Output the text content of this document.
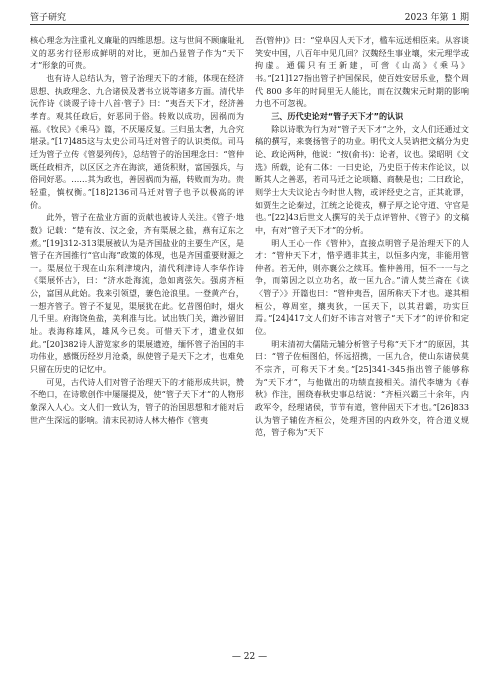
管子研究	2023 年第 1 期

核心理念为注重礼义廉耻的四维思想。这与世间不顾廉耻礼义的恶劣行径形成鲜明的对比，更加凸显管子作为“天下才”形象的可贵。

也有诗人总结认为，管子治理天下的才能，体现在经济思想、执政理念、九合诸侯及著书立说等诸多方面。清代毕沅作诗《谈谡子诗十八首·管子》曰：“夷吾天下才，经济善孝育。观其任政后，好恶同于俗。转败以成功，因祸而为福。《牧民》《乘马》篇，不厌屡反复。三归虽太奢，九合究堪录。”[17]485这与太史公司马迁对管子的认识类似。司马迁为管子立传《管晏列传》，总结管子的治国理念曰：“管仲既任政相齐，以区区之齐在海滨，通货积财，富国强兵，与俗同好恶。……其为政也，善因祸而为福，转败而为功。贵轻重，慎权衡。”[18]2136司马迁对管子也予以极高的评价。

此外，管子在盐业方面的贡献也被诗人关注。《管子·地数》记载：“楚有汝、汉之金，齐有渠展之盐，燕有辽东之煮。”[19]312-313渠展被认为是齐国盐业的主要生产区，是管子在齐国推行“官山海”政策的体现，也是齐国重要财源之一。渠展位于现在山东利津境内，清代利津诗人李华作诗《渠展怀古》，曰：“济水赴海流，急如离弦矢。强虏齐桓公，富国从此始。我来引领望，萋色沧浪里。一登黄产台，一想齐管子。管子不复见，渠展犹在此。忆昔图伯时，烟火几千里。府海饶鱼盐，美利准与比。试出铁门关，潍沙留旧址。表海称雄风，雄风今已矣。可惜天下才，遗业仅如此。”[20]382诗人游览家乡的渠展遗迹，缅怀管子治国的丰功伟业，感慨历经岁月沧桑，纵使管子是天下之才，也难免只留在历史的记忆中。

可见，古代诗人们对管子治理天下的才能形成共识，赞不绝口，在诗歌创作中屡屡提及，使“管子天下才”的人物形象深入人心。文人们一致认为，管子的治国思想和才能对后世产生深远的影响。清末民初诗人林大椿作《管夷

吾(管仲)》曰：“堂阜囚人天下才，槛车远送相臣来。从容谈笑安中国，八百年中见几回？汉魏经生事业壤，宋元理学或拘虚。通儒只有王新建，可啻《山高》《乘马》书。”[21]127指出管子护国保民，使百姓安居乐业，整个周代 800 多年的时间里无人能比，而在汉魏宋元时期的影响力也不可忽视。

三、历代史论对“管子天下才”的认识

除以诗歌为行为对“管子天下才”之外，文人们还通过文稿的撰写，来褒扬管子的功业。明代文人吴讷把文稿分为史论、政论两种，他说：“按(俞书)：论者，议也。梁昭明《文选》所载，论有二体：一曰史论，乃史臣于传末作论议，以断其人之善恶，若司马迁之论项籍、商鞅是也；二曰政论，则学士大夫议论古今时世人物，或评经史之言，正其讹谬，如贾生之论秦过，江统之论徙戎，柳子厚之论守道、守官是也。”[22]43后世文人撰写的关于点评管仲、《管子》的文稿中，有对“管子天下才”的分析。

明人王心一作《管仲》，直接点明管子是治理天下的人才：“管仲天下才，惜乎遇非其主，以恒多内宠，非能用管仲者。若无仲，则亦襄公之续耳。惟仲善用，恒不一一与之争，而第因之以立功名，故一匡九合。”清人焚兰斋在《读〈管子〉》开篇也曰：“管仲夷吾，固所称天下才也。遂其相桓公，尊周室，攘夷狄，一匡天下，以其君霸，功实巨焉。”[24]417文人们好不讳言对管子“天下才”的评价和定位。

明末清初大儒陆元辅分析管子号称“天下才”的原因，其曰：“管子佐桓图伯，怀远招携，一匡九合，使山东诸侯莫不宗齐，可称天下才矣。”[25]341-345指出管子能够称为“天下才”，与他做出的功绩直接相关。清代李塘为《春秋》作注，围绕春秋史事总结说：“齐桓兴霸三十余年，内政军令，经理诸侯，节节有道，管仲固天下才也。”[26]833认为管子辅佐齐桓公，处理齐国的内政外交，符合道义规范，管子称为“天下

— 22 —
